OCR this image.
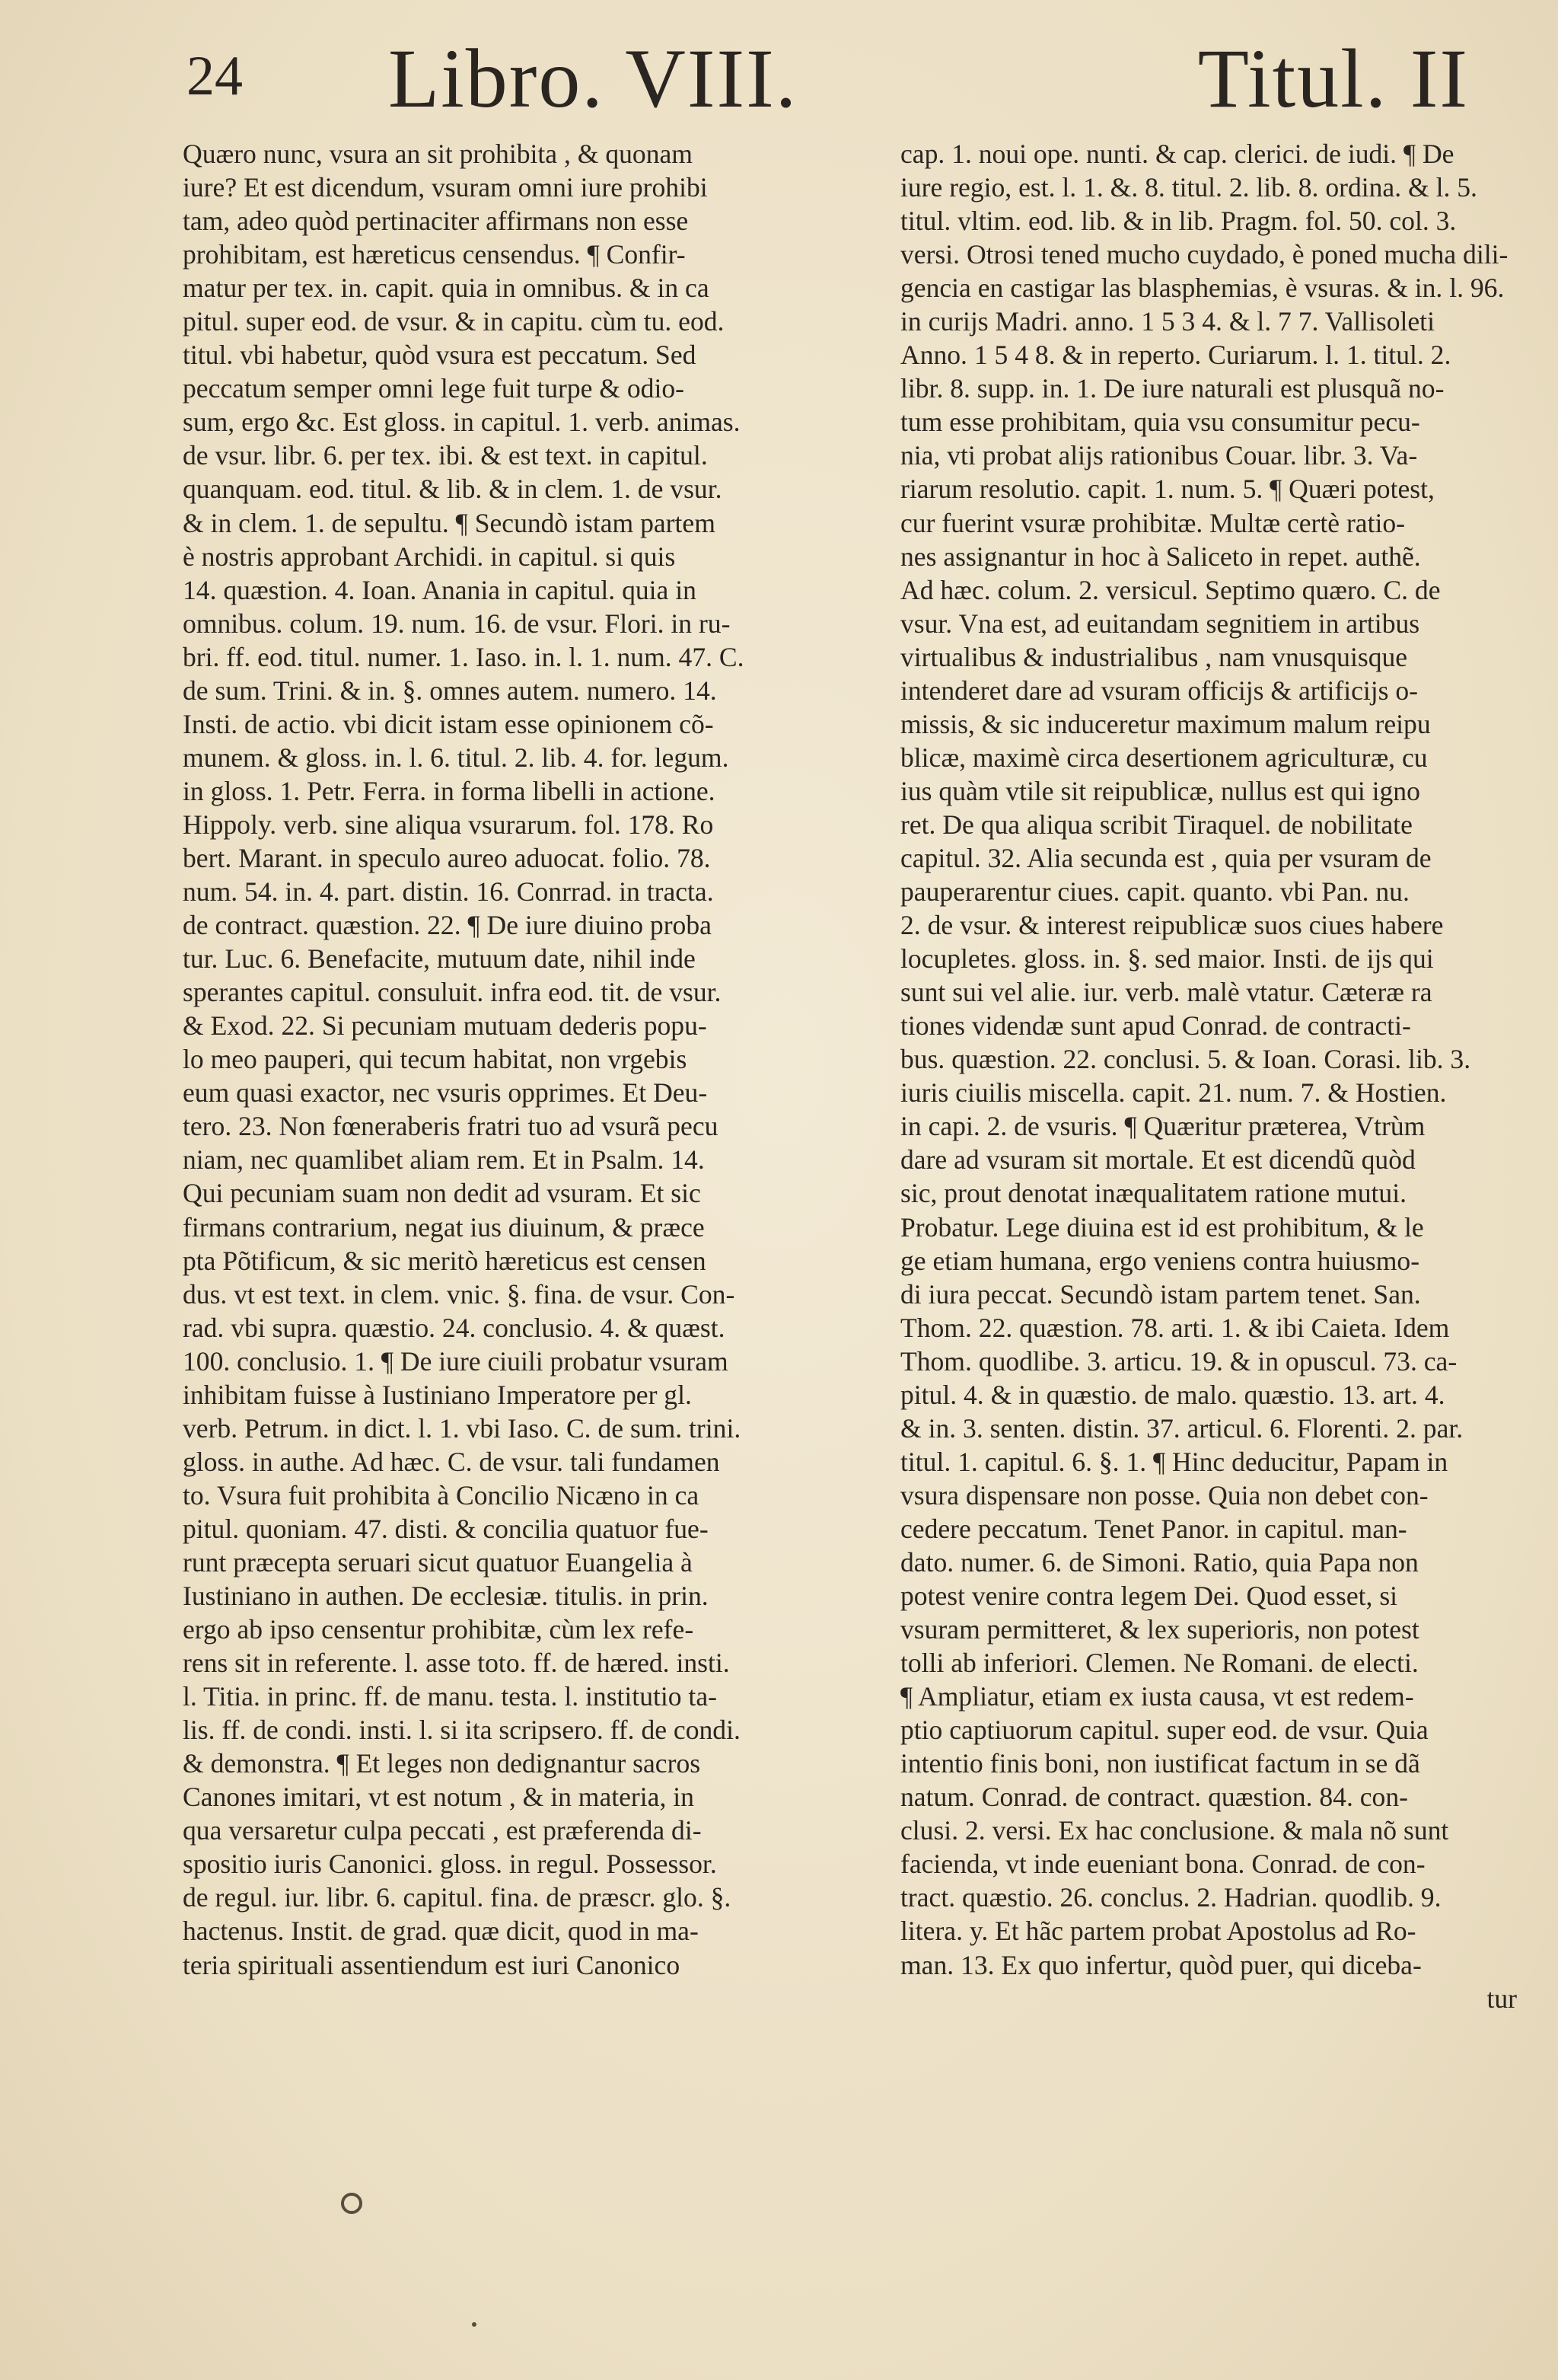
24 Libro. VIII.	Titul. II
Quæro nunc, vsura an sit prohibita , & quonam
iure? Et est dicendum, vsuram omni iure prohibi
tam, adeo quòd pertinaciter affirmans non esse
prohibitam, est hæreticus censendus. ¶ Confir-
matur per tex. in. capit. quia in omnibus. & in ca
pitul. super eod. de vsur. & in capitu. cùm tu. eod.
titul. vbi habetur, quòd vsura est peccatum. Sed
peccatum semper omni lege fuit turpe & odio-
sum, ergo &c. Est gloss. in capitul. 1. verb. animas.
de vsur. libr. 6. per tex. ibi. & est text. in capitul.
quanquam. eod. titul. & lib. & in clem. 1. de vsur.
& in clem. 1. de sepultu. ¶ Secundò istam partem
è nostris approbant Archidi. in capitul. si quis
14. quæstion. 4. Ioan. Anania in capitul. quia in
omnibus. colum. 19. num. 16. de vsur. Flori. in ru-
bri. ff. eod. titul. numer. 1. Iaso. in. l. 1. num. 47. C.
de sum. Trini. & in. §. omnes autem. numero. 14.
Insti. de actio. vbi dicit istam esse opinionem cõ-
munem. & gloss. in. l. 6. titul. 2. lib. 4. for. legum.
in gloss. 1. Petr. Ferra. in forma libelli in actione.
Hippoly. verb. sine aliqua vsurarum. fol. 178. Ro
bert. Marant. in speculo aureo aduocat. folio. 78.
num. 54. in. 4. part. distin. 16. Conrrad. in tracta.
de contract. quæstion. 22. ¶ De iure diuino proba
tur. Luc. 6. Benefacite, mutuum date, nihil inde
sperantes capitul. consuluit. infra eod. tit. de vsur.
& Exod. 22. Si pecuniam mutuam dederis popu-
lo meo pauperi, qui tecum habitat, non vrgebis
eum quasi exactor, nec vsuris opprimes. Et Deu-
tero. 23. Non fœneraberis fratri tuo ad vsurã pecu
niam, nec quamlibet aliam rem. Et in Psalm. 14.
Qui pecuniam suam non dedit ad vsuram. Et sic
firmans contrarium, negat ius diuinum, & præce
pta Põtificum, & sic meritò hæreticus est censen
dus. vt est text. in clem. vnic. §. fina. de vsur. Con-
rad. vbi supra. quæstio. 24. conclusio. 4. & quæst.
100. conclusio. 1. ¶ De iure ciuili probatur vsuram
inhibitam fuisse à Iustiniano Imperatore per gl.
verb. Petrum. in dict. l. 1. vbi Iaso. C. de sum. trini.
gloss. in authe. Ad hæc. C. de vsur. tali fundamen
to. Vsura fuit prohibita à Concilio Nicæno in ca
pitul. quoniam. 47. disti. & concilia quatuor fue-
runt præcepta seruari sicut quatuor Euangelia à
Iustiniano in authen. De ecclesiæ. titulis. in prin.
ergo ab ipso censentur prohibitæ, cùm lex refe-
rens sit in referente. l. asse toto. ff. de hæred. insti.
l. Titia. in princ. ff. de manu. testa. l. institutio ta-
lis. ff. de condi. insti. l. si ita scripsero. ff. de condi.
& demonstra. ¶ Et leges non dedignantur sacros
Canones imitari, vt est notum , & in materia, in
qua versaretur culpa peccati , est præferenda di-
spositio iuris Canonici. gloss. in regul. Possessor.
de regul. iur. libr. 6. capitul. fina. de præscr. glo. §.
hactenus. Instit. de grad. quæ dicit, quod in ma-
teria spirituali assentiendum est iuri Canonico
cap. 1. noui ope. nunti. & cap. clerici. de iudi. ¶ De
iure regio, est. l. 1. &. 8. titul. 2. lib. 8. ordina. & l. 5.
titul. vltim. eod. lib. & in lib. Pragm. fol. 50. col. 3.
versi. Otrosi tened mucho cuydado, è poned mucha dili-
gencia en castigar las blasphemias, è vsuras. & in. l. 96.
in curijs Madri. anno. 1 5 3 4. & l. 7 7. Vallisoleti
Anno. 1 5 4 8. & in reperto. Curiarum. l. 1. titul. 2.
libr. 8. supp. in. 1. De iure naturali est plusquã no-
tum esse prohibitam, quia vsu consumitur pecu-
nia, vti probat alijs rationibus Couar. libr. 3. Va-
riarum resolutio. capit. 1. num. 5. ¶ Quæri potest,
cur fuerint vsuræ prohibitæ. Multæ certè ratio-
nes assignantur in hoc à Saliceto in repet. authẽ.
Ad hæc. colum. 2. versicul. Septimo quæro. C. de
vsur. Vna est, ad euitandam segnitiem in artibus
virtualibus & industrialibus , nam vnusquisque
intenderet dare ad vsuram officijs & artificijs o-
missis, & sic induceretur maximum malum reipu
blicæ, maximè circa desertionem agriculturæ, cu
ius quàm vtile sit reipublicæ, nullus est qui igno
ret. De qua aliqua scribit Tiraquel. de nobilitate
capitul. 32. Alia secunda est , quia per vsuram de
pauperarentur ciues. capit. quanto. vbi Pan. nu.
2. de vsur. & interest reipublicæ suos ciues habere
locupletes. gloss. in. §. sed maior. Insti. de ijs qui
sunt sui vel alie. iur. verb. malè vtatur. Cæteræ ra
tiones videndæ sunt apud Conrad. de contracti-
bus. quæstion. 22. conclusi. 5. & Ioan. Corasi. lib. 3.
iuris ciuilis miscella. capit. 21. num. 7. & Hostien.
in capi. 2. de vsuris. ¶ Quæritur præterea, Vtrùm
dare ad vsuram sit mortale. Et est dicendũ quòd
sic, prout denotat inæqualitatem ratione mutui.
Probatur. Lege diuina est id est prohibitum, & le
ge etiam humana, ergo veniens contra huiusmo-
di iura peccat. Secundò istam partem tenet. San.
Thom. 22. quæstion. 78. arti. 1. & ibi Caieta. Idem
Thom. quodlibe. 3. articu. 19. & in opuscul. 73. ca-
pitul. 4. & in quæstio. de malo. quæstio. 13. art. 4.
& in. 3. senten. distin. 37. articul. 6. Florenti. 2. par.
titul. 1. capitul. 6. §. 1. ¶ Hinc deducitur, Papam in
vsura dispensare non posse. Quia non debet con-
cedere peccatum. Tenet Panor. in capitul. man-
dato. numer. 6. de Simoni. Ratio, quia Papa non
potest venire contra legem Dei. Quod esset, si
vsuram permitteret, & lex superioris, non potest
tolli ab inferiori. Clemen. Ne Romani. de electi.
¶ Ampliatur, etiam ex iusta causa, vt est redem-
ptio captiuorum capitul. super eod. de vsur. Quia
intentio finis boni, non iustificat factum in se dã
natum. Conrad. de contract. quæstion. 84. con-
clusi. 2. versi. Ex hac conclusione. & mala nõ sunt
facienda, vt inde eueniant bona. Conrad. de con-
tract. quæstio. 26. conclus. 2. Hadrian. quodlib. 9.
litera. y. Et hãc partem probat Apostolus ad Ro-
man. 13. Ex quo infertur, quòd puer, qui diceba-
tur
